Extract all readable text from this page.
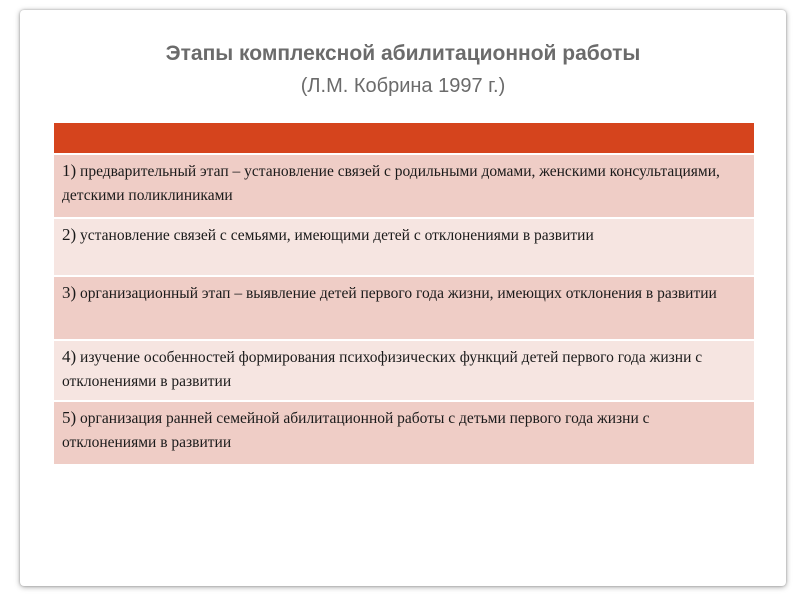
Этапы комплексной абилитационной работы
(Л.М. Кобрина 1997 г.)

1) предварительный этап – установление связей с родильными домами, женскими консультациями, детскими поликлиниками
2) установление связей с семьями, имеющими детей с отклонениями в развитии
3) организационный этап – выявление детей первого года жизни, имеющих отклонения в развитии
4) изучение особенностей формирования психофизических функций детей первого года жизни с отклонениями в развитии
5) организация ранней семейной абилитационной работы с детьми первого года жизни с отклонениями в развитии
